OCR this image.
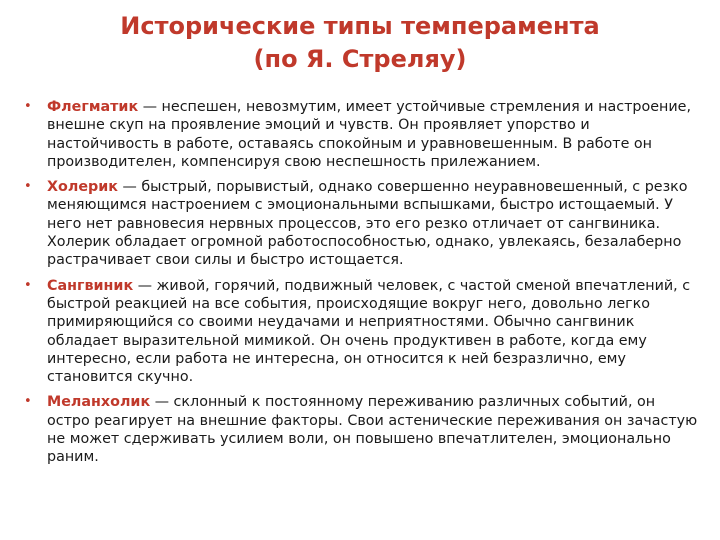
Исторические типы темперамента
(по Я. Стреляу)
• Флегматик — неспешен, невозмутим, имеет устойчивые стремления и настроение, внешне скуп на проявление эмоций и чувств. Он проявляет упорство и настойчивость в работе, оставаясь спокойным и уравновешенным. В работе он производителен, компенсируя свою неспешность прилежанием.
• Холерик — быстрый, порывистый, однако совершенно неуравновешенный, с резко меняющимся настроением с эмоциональными вспышками, быстро истощаемый. У него нет равновесия нервных процессов, это его резко отличает от сангвиника. Холерик обладает огромной работоспособностью, однако, увлекаясь, безалаберно растрачивает свои силы и быстро истощается.
• Сангвиник — живой, горячий, подвижный человек, с частой сменой впечатлений, с быстрой реакцией на все события, происходящие вокруг него, довольно легко примиряющийся со своими неудачами и неприятностями. Обычно сангвиник обладает выразительной мимикой. Он очень продуктивен в работе, когда ему интересно, если работа не интересна, он относится к ней безразлично, ему становится скучно.
• Меланхолик — склонный к постоянному переживанию различных событий, он остро реагирует на внешние факторы. Свои астенические переживания он зачастую не может сдерживать усилием воли, он повышено впечатлителен, эмоционально раним.
